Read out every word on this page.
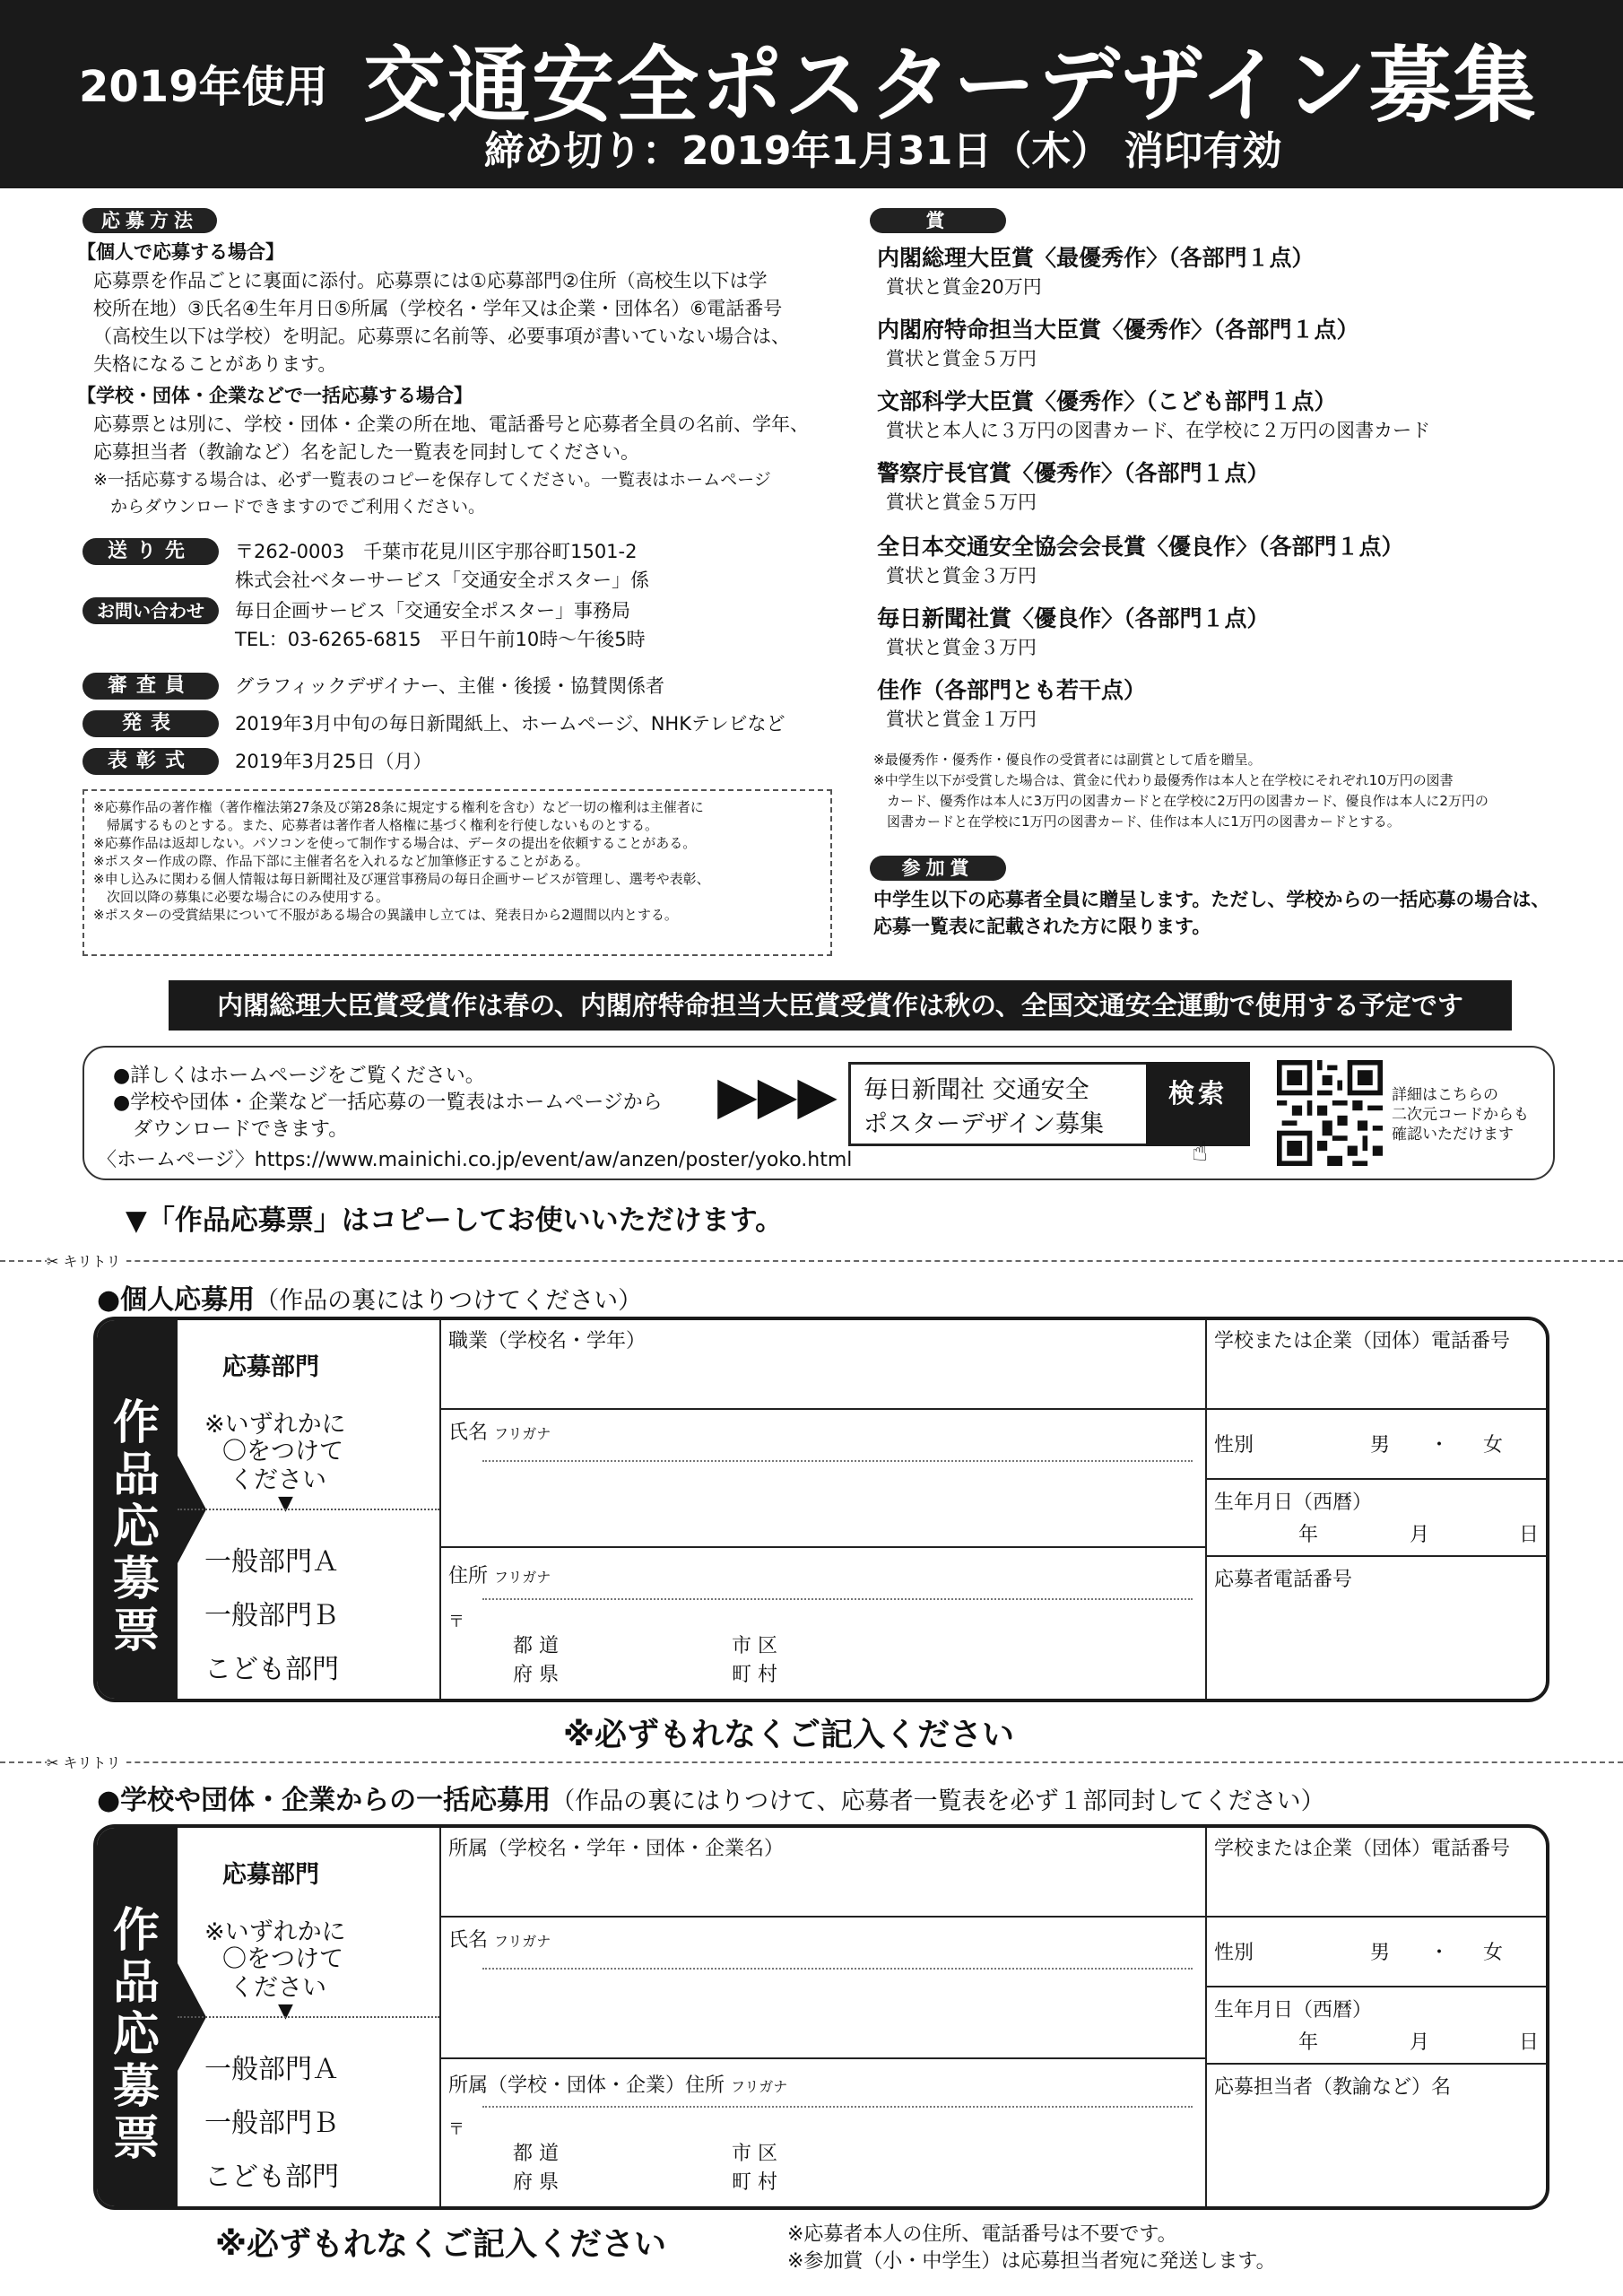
2019年使用 交通安全ポスターデザイン募集
締め切り：2019年1月31日（木） 消印有効
応募方法
【個人で応募する場合】
応募票を作品ごとに裏面に添付。応募票には①応募部門②住所（高校生以下は学
校所在地）③氏名④生年月日⑤所属（学校名・学年又は企業・団体名）⑥電話番号
（高校生以下は学校）を明記。応募票に名前等、必要事項が書いていない場合は、
失格になることがあります。
【学校・団体・企業などで一括応募する場合】
応募票とは別に、学校・団体・企業の所在地、電話番号と応募者全員の名前、学年、
応募担当者（教諭など）名を記した一覧表を同封してください。
※一括応募する場合は、必ず一覧表のコピーを保存してください。一覧表はホームページ
　からダウンロードできますのでご利用ください。
送り先	〒262-0003　千葉市花見川区宇那谷町1501-2
株式会社ベターサービス「交通安全ポスター」係
お問い合わせ	毎日企画サービス「交通安全ポスター」事務局
TEL：03-6265-6815　平日午前10時〜午後5時
審査員	グラフィックデザイナー、主催・後援・協賛関係者
発表	2019年3月中旬の毎日新聞紙上、ホームページ、NHKテレビなど
表彰式	2019年3月25日（月）
※応募作品の著作権（著作権法第27条及び第28条に規定する権利を含む）など一切の権利は主催者に
　帰属するものとする。また、応募者は著作者人格権に基づく権利を行使しないものとする。
※応募作品は返却しない。パソコンを使って制作する場合は、データの提出を依頼することがある。
※ポスター作成の際、作品下部に主催者名を入れるなど加筆修正することがある。
※申し込みに関わる個人情報は毎日新聞社及び運営事務局の毎日企画サービスが管理し、選考や表彰、
　次回以降の募集に必要な場合にのみ使用する。
※ポスターの受賞結果について不服がある場合の異議申し立ては、発表日から2週間以内とする。
賞
内閣総理大臣賞〈最優秀作〉（各部門１点）
賞状と賞金20万円
内閣府特命担当大臣賞〈優秀作〉（各部門１点）
賞状と賞金５万円
文部科学大臣賞〈優秀作〉（こども部門１点）
賞状と本人に３万円の図書カード、在学校に２万円の図書カード
警察庁長官賞〈優秀作〉（各部門１点）
賞状と賞金５万円
全日本交通安全協会会長賞〈優良作〉（各部門１点）
賞状と賞金３万円
毎日新聞社賞〈優良作〉（各部門１点）
賞状と賞金３万円
佳作（各部門とも若干点）
賞状と賞金１万円
※最優秀作・優秀作・優良作の受賞者には副賞として盾を贈呈。
※中学生以下が受賞した場合は、賞金に代わり最優秀作は本人と在学校にそれぞれ10万円の図書
　カード、優秀作は本人に3万円の図書カードと在学校に2万円の図書カード、優良作は本人に2万円の
　図書カードと在学校に1万円の図書カード、佳作は本人に1万円の図書カードとする。
参加賞
中学生以下の応募者全員に贈呈します。ただし、学校からの一括応募の場合は、
応募一覧表に記載された方に限ります。
内閣総理大臣賞受賞作は春の、内閣府特命担当大臣賞受賞作は秋の、全国交通安全運動で使用する予定です
●詳しくはホームページをご覧ください。
●学校や団体・企業など一括応募の一覧表はホームページから
　ダウンロードできます。
〈ホームページ〉https://www.mainichi.co.jp/event/aw/anzen/poster/yoko.html
▶▶▶ 毎日新聞社 交通安全
ポスターデザイン募集
検索
☝
詳細はこちらの
二次元コードからも
確認いただけます
▼「作品応募票」はコピーしてお使いいただけます。
✂ キリトリ
●個人応募用（作品の裏にはりつけてください）
作品応募票
応募部門
※いずれかに
〇をつけて
ください
▼
一般部門Ａ
一般部門Ｂ
こども部門
職業（学校名・学年）
氏名 フリガナ
住所 フリガナ
〒
都 道
府 県
市 区
町 村
学校または企業（団体）電話番号
性別	男 ・ 女
生年月日（西暦）
年	月	日
応募者電話番号
※必ずもれなくご記入ください
✂ キリトリ
●学校や団体・企業からの一括応募用（作品の裏にはりつけて、応募者一覧表を必ず１部同封してください）
作品応募票
応募部門
※いずれかに
〇をつけて
ください
▼
一般部門Ａ
一般部門Ｂ
こども部門
所属（学校名・学年・団体・企業名）
氏名 フリガナ
所属（学校・団体・企業）住所 フリガナ
〒
都 道
府 県
市 区
町 村
学校または企業（団体）電話番号
性別	男 ・ 女
生年月日（西暦）
年	月	日
応募担当者（教諭など）名
※必ずもれなくご記入ください	※応募者本人の住所、電話番号は不要です。
※参加賞（小・中学生）は応募担当者宛に発送します。
